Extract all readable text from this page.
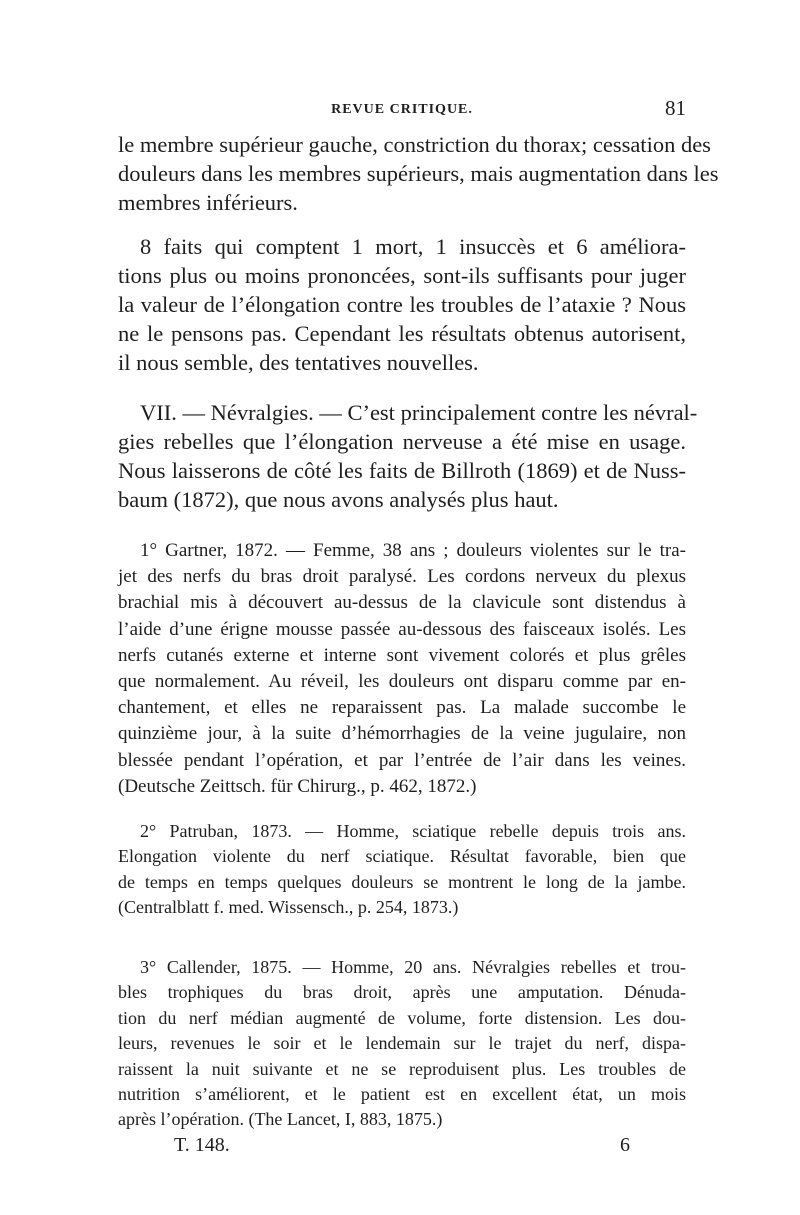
REVUE CRITIQUE.	81
le membre supérieur gauche, constriction du thorax; cessation des
douleurs dans les membres supérieurs, mais augmentation dans les
membres inférieurs.
8 faits qui comptent 1 mort, 1 insuccès et 6 améliora-
tions plus ou moins prononcées, sont-ils suffisants pour juger
la valeur de l’élongation contre les troubles de l’ataxie ? Nous
ne le pensons pas. Cependant les résultats obtenus autorisent,
il nous semble, des tentatives nouvelles.
VII. — Névralgies. — C’est principalement contre les névral-
gies rebelles que l’élongation nerveuse a été mise en usage.
Nous laisserons de côté les faits de Billroth (1869) et de Nuss-
baum (1872), que nous avons analysés plus haut.
1° Gartner, 1872. — Femme, 38 ans ; douleurs violentes sur le tra-
jet des nerfs du bras droit paralysé. Les cordons nerveux du plexus
brachial mis à découvert au-dessus de la clavicule sont distendus à
l’aide d’une érigne mousse passée au-dessous des faisceaux isolés. Les
nerfs cutanés externe et interne sont vivement colorés et plus grêles
que normalement. Au réveil, les douleurs ont disparu comme par en-
chantement, et elles ne reparaissent pas. La malade succombe le
quinzième jour, à la suite d’hémorrhagies de la veine jugulaire, non
blessée pendant l’opération, et par l’entrée de l’air dans les veines.
(Deutsche Zeittsch. für Chirurg., p. 462, 1872.)
2° Patruban, 1873. — Homme, sciatique rebelle depuis trois ans.
Elongation violente du nerf sciatique. Résultat favorable, bien que
de temps en temps quelques douleurs se montrent le long de la jambe.
(Centralblatt f. med. Wissensch., p. 254, 1873.)
3° Callender, 1875. — Homme, 20 ans. Névralgies rebelles et trou-
bles trophiques du bras droit, après une amputation. Dénuda-
tion du nerf médian augmenté de volume, forte distension. Les dou-
leurs, revenues le soir et le lendemain sur le trajet du nerf, dispa-
raissent la nuit suivante et ne se reproduisent plus. Les troubles de
nutrition s’améliorent, et le patient est en excellent état, un mois
après l’opération. (The Lancet, I, 883, 1875.)
T. 148.	6
